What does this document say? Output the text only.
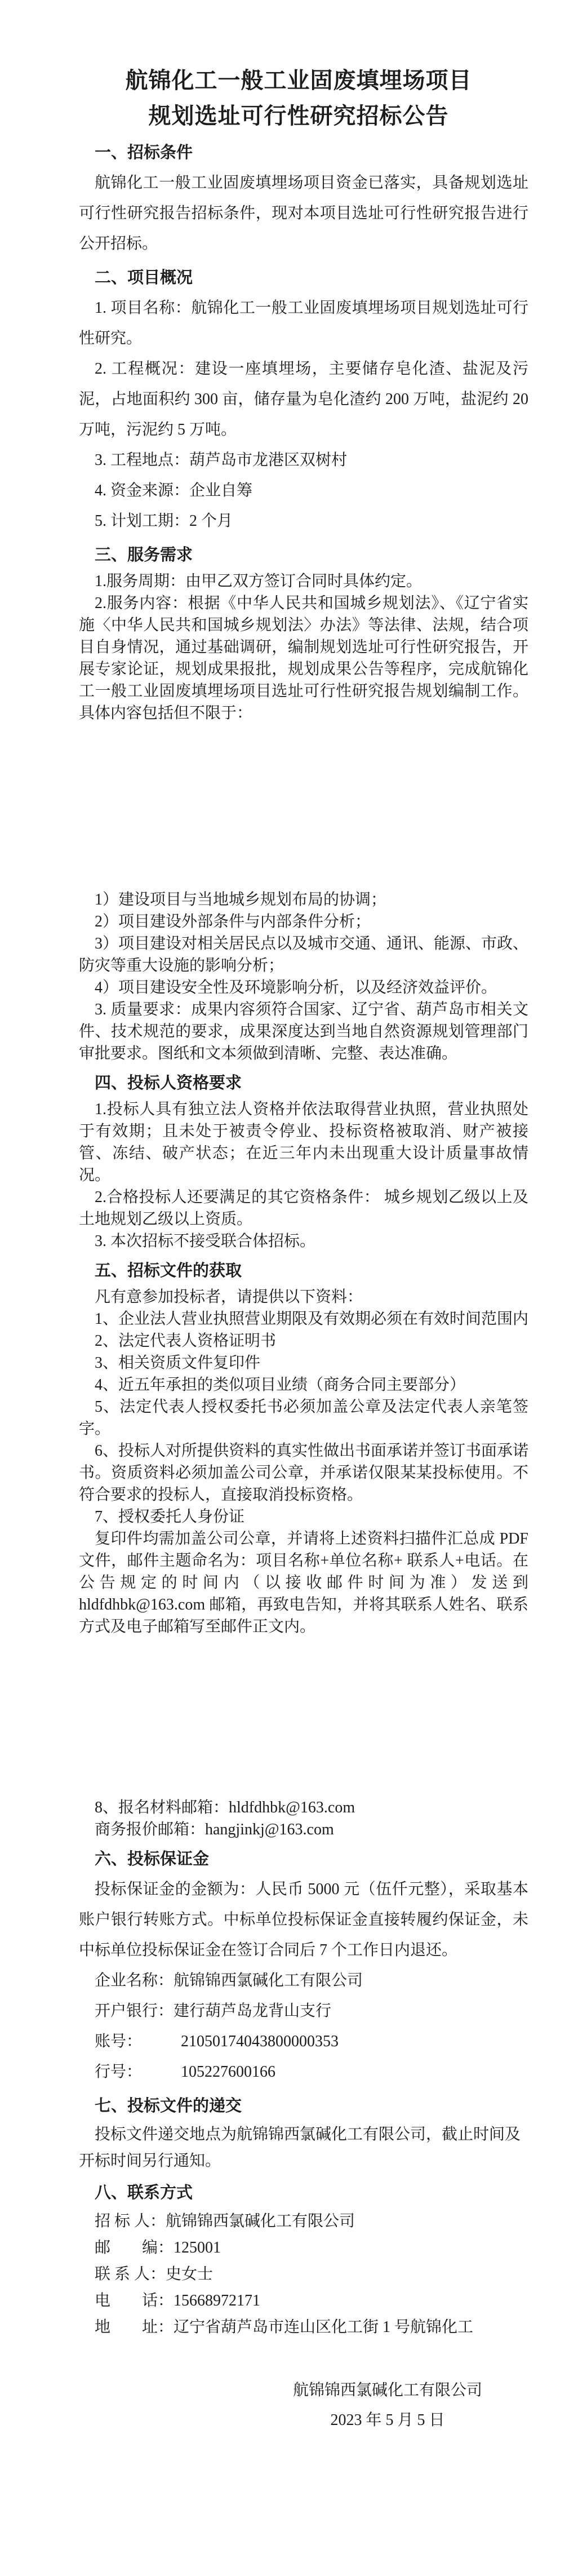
航锦化工一般工业固废填埋场项目
规划选址可行性研究招标公告
一、招标条件

航锦化工一般工业固废填埋场项目资金已落实，具备规划选址可行性研究报告招标条件，现对本项目选址可行性研究报告进行公开招标。

二、项目概况

1. 项目名称：航锦化工一般工业固废填埋场项目规划选址可行性研究。

2. 工程概况：建设一座填埋场，主要储存皂化渣、盐泥及污泥，占地面积约 300 亩，储存量为皂化渣约 200 万吨，盐泥约 20 万吨，污泥约 5 万吨。

3. 工程地点：葫芦岛市龙港区双树村

4. 资金来源：企业自筹

5. 计划工期：2 个月

三、服务需求

1.服务周期：由甲乙双方签订合同时具体约定。

2.服务内容：根据《中华人民共和国城乡规划法》、《辽宁省实施〈中华人民共和国城乡规划法〉办法》等法律、法规，结合项目自身情况，通过基础调研，编制规划选址可行性研究报告，开展专家论证，规划成果报批，规划成果公告等程序，完成航锦化工一般工业固废填埋场项目选址可行性研究报告规划编制工作。具体内容包括但不限于：

1）建设项目与当地城乡规划布局的协调；

2）项目建设外部条件与内部条件分析；

3）项目建设对相关居民点以及城市交通、通讯、能源、市政、防灾等重大设施的影响分析；

4）项目建设安全性及环境影响分析，以及经济效益评价。

3. 质量要求：成果内容须符合国家、辽宁省、葫芦岛市相关文件、技术规范的要求，成果深度达到当地自然资源规划管理部门审批要求。图纸和文本须做到清晰、完整、表达准确。

四、投标人资格要求

1.投标人具有独立法人资格并依法取得营业执照，营业执照处于有效期；且未处于被责令停业、投标资格被取消、财产被接管、冻结、破产状态；在近三年内未出现重大设计质量事故情况。

2.合格投标人还要满足的其它资格条件： 城乡规划乙级以上及土地规划乙级以上资质。

3. 本次招标不接受联合体招标。

五、招标文件的获取

凡有意参加投标者，请提供以下资料：

1、企业法人营业执照营业期限及有效期必须在有效时间范围内

2、法定代表人资格证明书

3、相关资质文件复印件

4、近五年承担的类似项目业绩（商务合同主要部分）

5、法定代表人授权委托书必须加盖公章及法定代表人亲笔签字。

6、投标人对所提供资料的真实性做出书面承诺并签订书面承诺书。资质资料必须加盖公司公章，并承诺仅限某某投标使用。不符合要求的投标人，直接取消投标资格。

7、授权委托人身份证

复印件均需加盖公司公章，并请将上述资料扫描件汇总成 PDF 文件，邮件主题命名为：项目名称+单位名称+ 联系人+电话。在公告规定的时间内（以接收邮件时间为准）发送到 hldfdhbk@163.com 邮箱，再致电告知，并将其联系人姓名、联系方式及电子邮箱写至邮件正文内。

8、报名材料邮箱：hldfdhbk@163.com

商务报价邮箱：hangjinkj@163.com

六、投标保证金

投标保证金的金额为：人民币 5000 元（伍仟元整），采取基本账户银行转账方式。中标单位投标保证金直接转履约保证金，未中标单位投标保证金在签订合同后 7 个工作日内退还。

企业名称：航锦锦西氯碱化工有限公司

开户银行：建行葫芦岛龙背山支行

账号： 21050174043800000353

行号： 105227600166

七、投标文件的递交

投标文件递交地点为航锦锦西氯碱化工有限公司，截止时间及开标时间另行通知。

八、联系方式

招 标 人：航锦锦西氯碱化工有限公司

邮　　编：125001

联 系 人：史女士

电　　话：15668972171

地　　址：辽宁省葫芦岛市连山区化工街 1 号航锦化工

航锦锦西氯碱化工有限公司

2023 年 5 月 5 日
